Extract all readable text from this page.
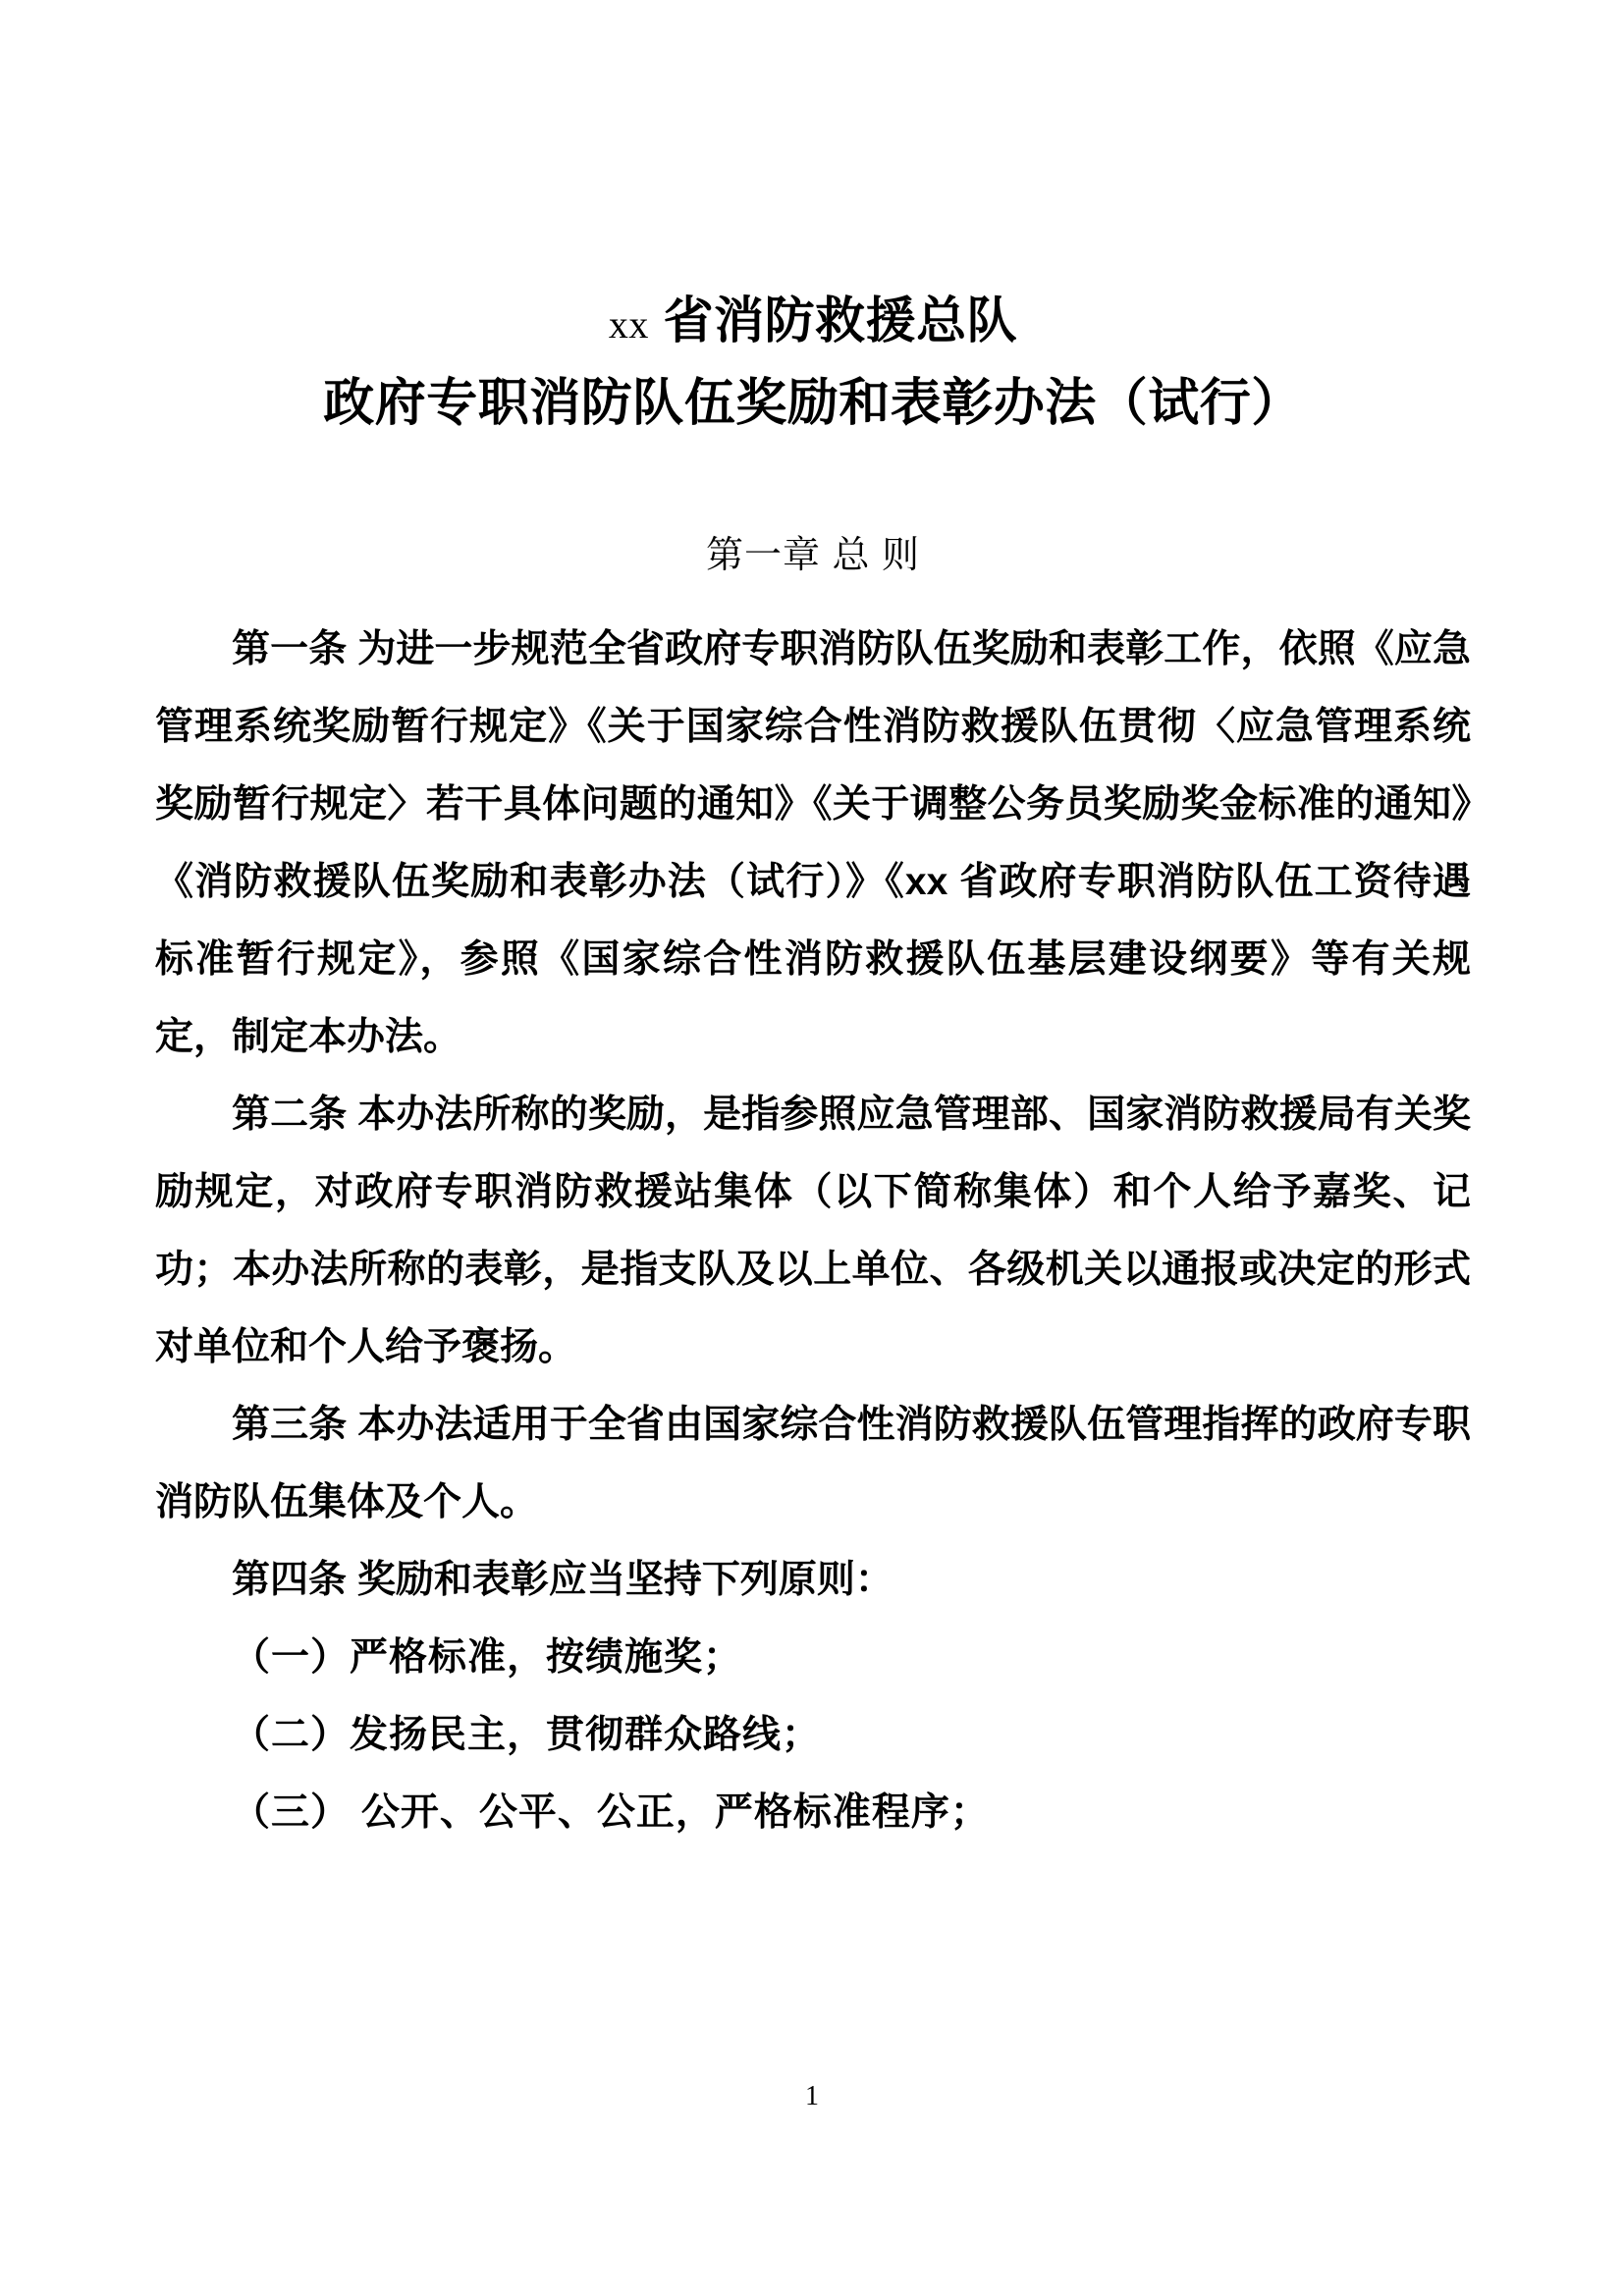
xx 省消防救援总队
政府专职消防队伍奖励和表彰办法（试行）
第一章 总 则

第一条 为进一步规范全省政府专职消防队伍奖励和表彰工作，依照《应急管理系统奖励暂行规定》《关于国家综合性消防救援队伍贯彻〈应急管理系统奖励暂行规定〉若干具体问题的通知》《关于调整公务员奖励奖金标准的通知》《消防救援队伍奖励和表彰办法（试行）》《xx 省政府专职消防队伍工资待遇标准暂行规定》，参照《国家综合性消防救援队伍基层建设纲要》等有关规定，制定本办法。

第二条 本办法所称的奖励，是指参照应急管理部、国家消防救援局有关奖励规定，对政府专职消防救援站集体（以下简称集体）和个人给予嘉奖、记功；本办法所称的表彰，是指支队及以上单位、各级机关以通报或决定的形式对单位和个人给予褒扬。

第三条 本办法适用于全省由国家综合性消防救援队伍管理指挥的政府专职消防队伍集体及个人。

第四条 奖励和表彰应当坚持下列原则：

（一）严格标准，按绩施奖；

（二）发扬民主，贯彻群众路线；

（三） 公开、公平、公正，严格标准程序；

1
